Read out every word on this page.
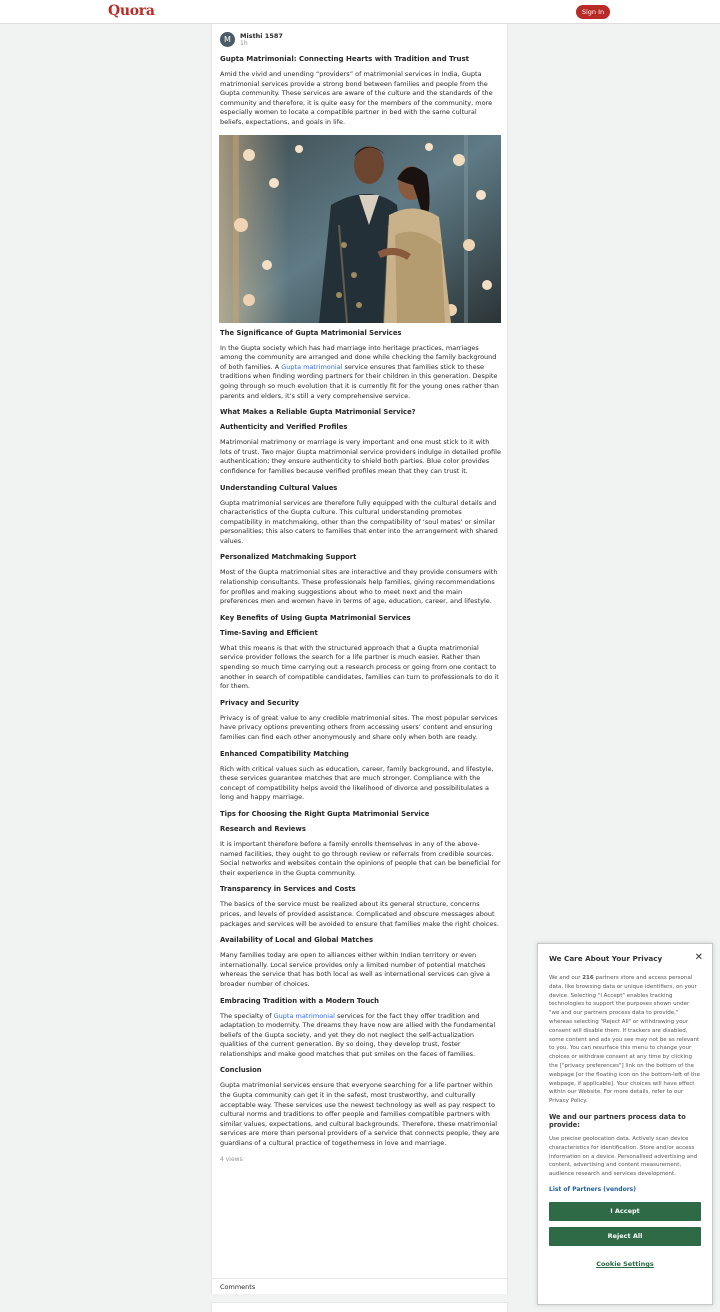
Quora	Sign In
M	Misthi 1587
1h
Gupta Matrimonial: Connecting Hearts with Tradition and Trust

Amid the vivid and unending “providers” of matrimonial services in India, Gupta matrimonial services provide a strong bond between families and people from the Gupta community. These services are aware of the culture and the standards of the community and therefore, it is quite easy for the members of the community, more especially women to locate a compatible partner in bed with the same cultural beliefs, expectations, and goals in life.

The Significance of Gupta Matrimonial Services

In the Gupta society which has had marriage into heritage practices, marriages among the community are arranged and done while checking the family background of both families. A Gupta matrimonial service ensures that families stick to these traditions when finding wording partners for their children in this generation. Despite going through so much evolution that it is currently fit for the young ones rather than parents and elders, it’s still a very comprehensive service.

What Makes a Reliable Gupta Matrimonial Service?
Authenticity and Verified Profiles

Matrimonial matrimony or marriage is very important and one must stick to it with lots of trust. Two major Gupta matrimonial service providers indulge in detailed profile authentication; they ensure authenticity to shield both parties. Blue color provides confidence for families because verified profiles mean that they can trust it.

Understanding Cultural Values

Gupta matrimonial services are therefore fully equipped with the cultural details and characteristics of the Gupta culture. This cultural understanding promotes compatibility in matchmaking, other than the compatibility of ‘soul mates’ or similar personalities; this also caters to families that enter into the arrangement with shared values.

Personalized Matchmaking Support

Most of the Gupta matrimonial sites are interactive and they provide consumers with relationship consultants. These professionals help families, giving recommendations for profiles and making suggestions about who to meet next and the main preferences men and women have in terms of age, education, career, and lifestyle.

Key Benefits of Using Gupta Matrimonial Services
Time-Saving and Efficient

What this means is that with the structured approach that a Gupta matrimonial service provider follows the search for a life partner is much easier. Rather than spending so much time carrying out a research process or going from one contact to another in search of compatible candidates, families can turn to professionals to do it for them.

Privacy and Security

Privacy is of great value to any credible matrimonial sites. The most popular services have privacy options preventing others from accessing users’ content and ensuring families can find each other anonymously and share only when both are ready.

Enhanced Compatibility Matching

Rich with critical values such as education, career, family background, and lifestyle, these services guarantee matches that are much stronger. Compliance with the concept of compatibility helps avoid the likelihood of divorce and possibilitulates a long and happy marriage.

Tips for Choosing the Right Gupta Matrimonial Service
Research and Reviews

It is important therefore before a family enrolls themselves in any of the above-named facilities, they ought to go through review or referrals from credible sources. Social networks and websites contain the opinions of people that can be beneficial for their experience in the Gupta community.

Transparency in Services and Costs

The basics of the service must be realized about its general structure, concerns prices, and levels of provided assistance. Complicated and obscure messages about packages and services will be avoided to ensure that families make the right choices.

Availability of Local and Global Matches

Many families today are open to alliances either within Indian territory or even internationally. Local service provides only a limited number of potential matches whereas the service that has both local as well as international services can give a broader number of choices.

Embracing Tradition with a Modern Touch

The specialty of Gupta matrimonial services for the fact they offer tradition and adaptation to modernity. The dreams they have now are allied with the fundamental beliefs of the Gupta society, and yet they do not neglect the self-actualization qualities of the current generation. By so doing, they develop trust, foster relationships and make good matches that put smiles on the faces of families.

Conclusion

Gupta matrimonial services ensure that everyone searching for a life partner within the Gupta community can get it in the safest, most trustworthy, and culturally acceptable way. These services use the newest technology as well as pay respect to cultural norms and traditions to offer people and families compatible partners with similar values, expectations, and cultural backgrounds. Therefore, these matrimonial services are more than personal providers of a service that connects people, they are guardians of a cultural practice of togetherness in love and marriage.

4 views
Comments
We Care About Your Privacy	✕
We and our 216 partners store and access personal data, like browsing data or unique identifiers, on your device. Selecting "I Accept" enables tracking technologies to support the purposes shown under "we and our partners process data to provide," whereas selecting "Reject All" or withdrawing your consent will disable them. If trackers are disabled, some content and ads you see may not be as relevant to you. You can resurface this menu to change your choices or withdraw consent at any time by clicking the ["privacy preferences"] link on the bottom of the webpage [or the floating icon on the bottom-left of the webpage, if applicable]. Your choices will have effect within our Website. For more details, refer to our Privacy Policy.
We and our partners process data to provide:
Use precise geolocation data. Actively scan device characteristics for identification. Store and/or access information on a device. Personalised advertising and content, advertising and content measurement, audience research and services development.
List of Partners (vendors)
I Accept
Reject All
Cookie Settings
